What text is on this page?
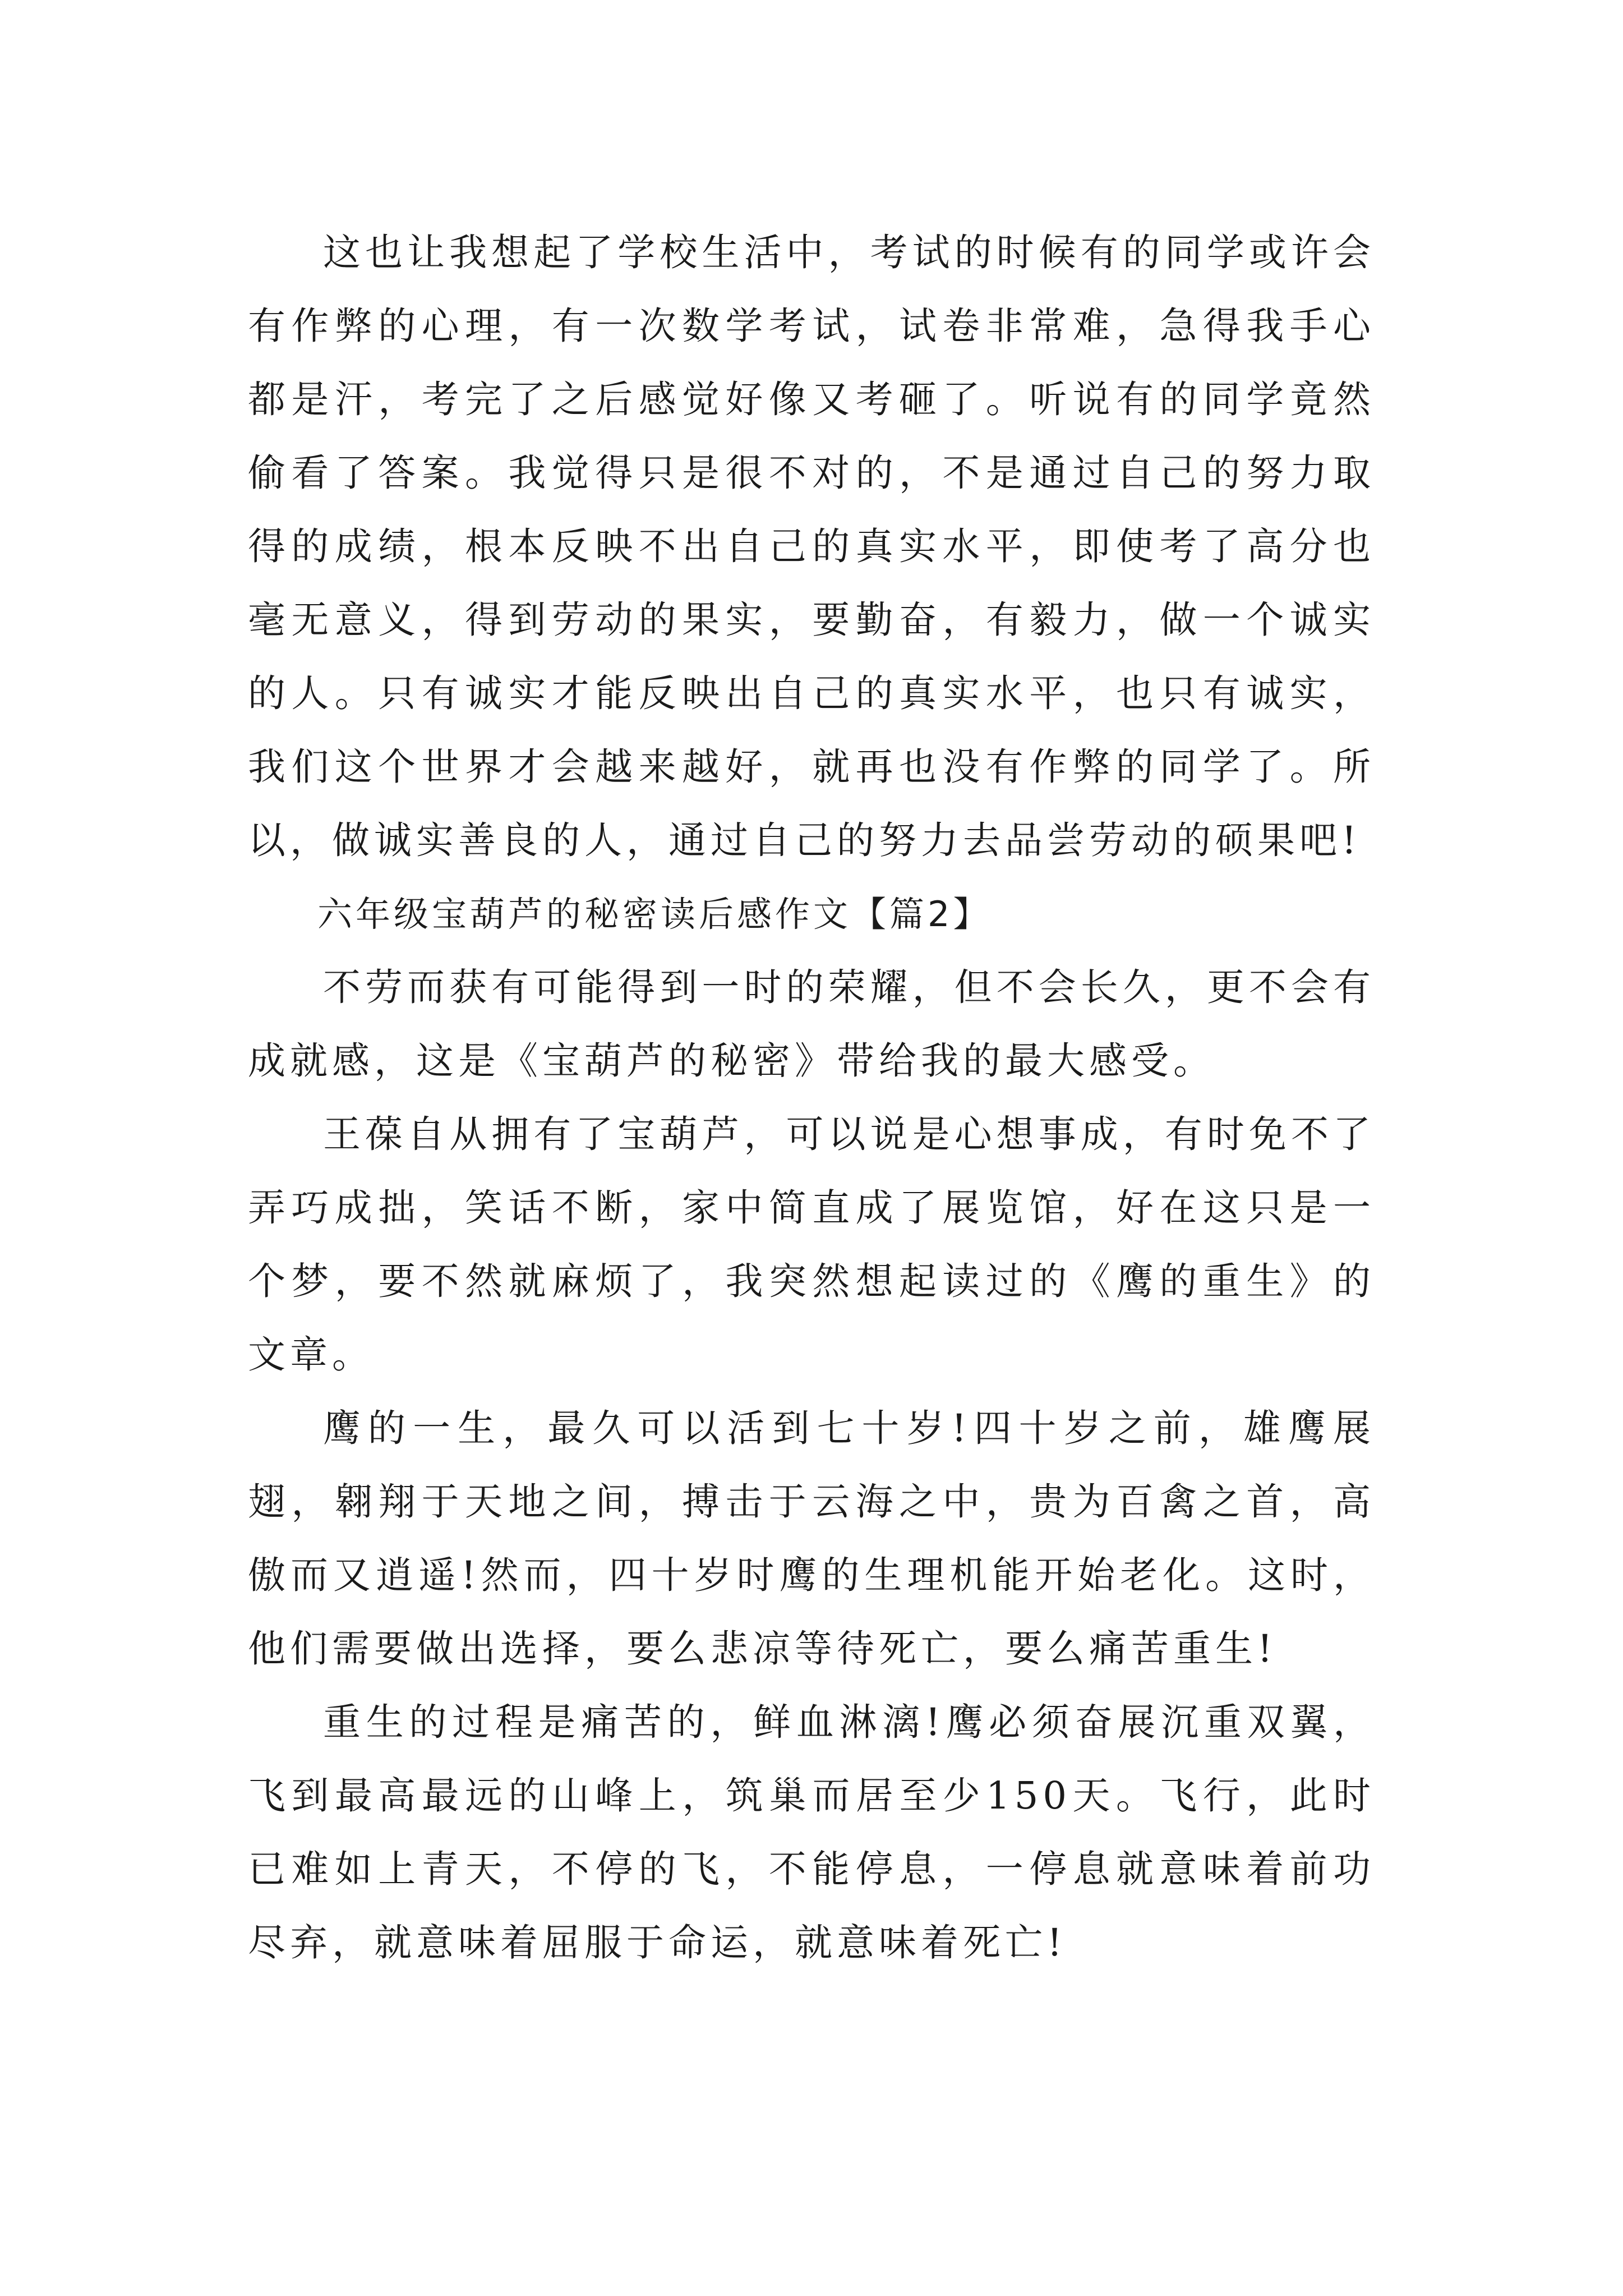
这也让我想起了学校生活中，考试的时候有的同学或许会有作弊的心理，有一次数学考试，试卷非常难，急得我手心都是汗，考完了之后感觉好像又考砸了。听说有的同学竟然偷看了答案。我觉得只是很不对的，不是通过自己的努力取得的成绩，根本反映不出自己的真实水平，即使考了高分也毫无意义，得到劳动的果实，要勤奋，有毅力，做一个诚实的人。只有诚实才能反映出自己的真实水平，也只有诚实，我们这个世界才会越来越好，就再也没有作弊的同学了。所以，做诚实善良的人，通过自己的努力去品尝劳动的硕果吧!

六年级宝葫芦的秘密读后感作文【篇2】

不劳而获有可能得到一时的荣耀，但不会长久，更不会有成就感，这是《宝葫芦的秘密》带给我的最大感受。

王葆自从拥有了宝葫芦，可以说是心想事成，有时免不了弄巧成拙，笑话不断，家中简直成了展览馆，好在这只是一个梦，要不然就麻烦了，我突然想起读过的《鹰的重生》的文章。

鹰的一生，最久可以活到七十岁!四十岁之前，雄鹰展翅，翱翔于天地之间，搏击于云海之中，贵为百禽之首，高傲而又逍遥!然而，四十岁时鹰的生理机能开始老化。这时，他们需要做出选择，要么悲凉等待死亡，要么痛苦重生!

重生的过程是痛苦的，鲜血淋漓!鹰必须奋展沉重双翼，飞到最高最远的山峰上，筑巢而居至少150天。飞行，此时已难如上青天，不停的飞，不能停息，一停息就意味着前功尽弃，就意味着屈服于命运，就意味着死亡!
